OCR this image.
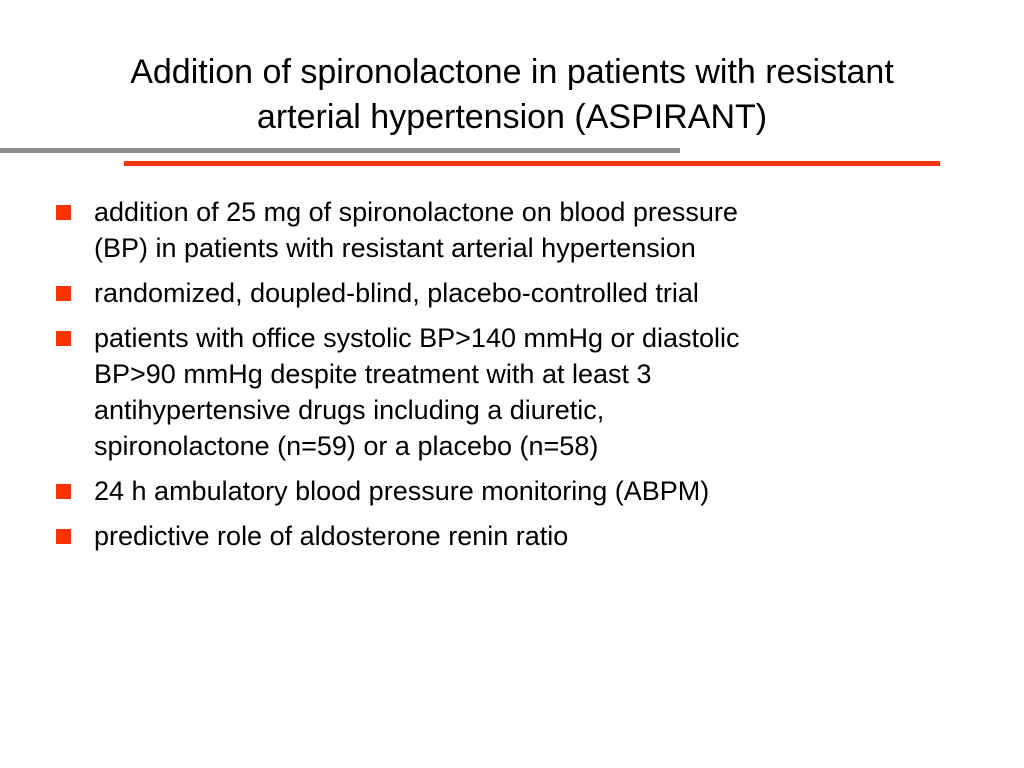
Addition of spironolactone in patients with resistant
arterial hypertension (ASPIRANT)
addition of 25 mg of spironolactone on blood pressure
(BP) in patients with resistant arterial hypertension
randomized, doupled-blind, placebo-controlled trial
patients with office systolic BP>140 mmHg or diastolic
BP>90 mmHg despite treatment with at least 3
antihypertensive drugs including a diuretic,
spironolactone (n=59) or a placebo (n=58)
24 h ambulatory blood pressure monitoring (ABPM)
predictive role of aldosterone renin ratio
